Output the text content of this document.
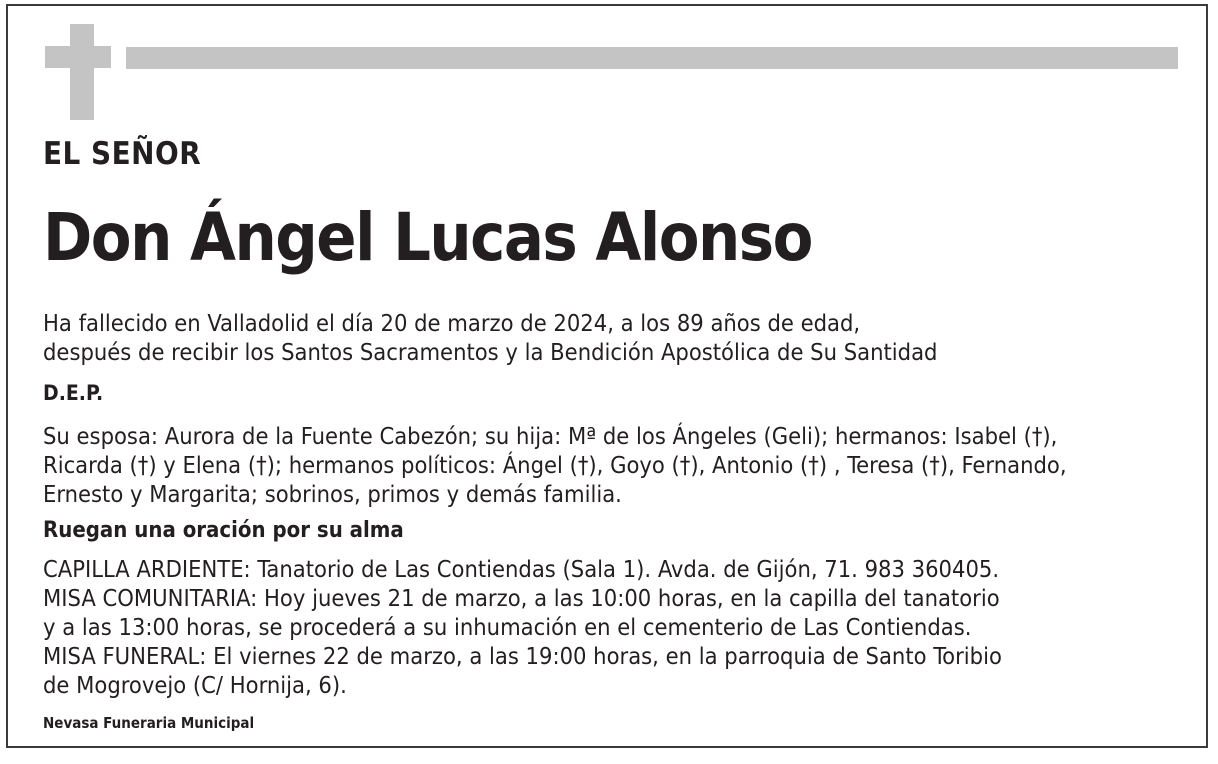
EL SEÑOR
Don Ángel Lucas Alonso
Ha fallecido en Valladolid el día 20 de marzo de 2024, a los 89 años de edad,
después de recibir los Santos Sacramentos y la Bendición Apostólica de Su Santidad
D.E.P.
Su esposa: Aurora de la Fuente Cabezón; su hija: Mª de los Ángeles (Geli); hermanos: Isabel (†),
Ricarda (†) y Elena (†); hermanos políticos: Ángel (†), Goyo (†), Antonio (†) , Teresa (†), Fernando,
Ernesto y Margarita; sobrinos, primos y demás familia.
Ruegan una oración por su alma
CAPILLA ARDIENTE: Tanatorio de Las Contiendas (Sala 1). Avda. de Gijón, 71. 983 360405.
MISA COMUNITARIA: Hoy jueves 21 de marzo, a las 10:00 horas, en la capilla del tanatorio
y a las 13:00 horas, se procederá a su inhumación en el cementerio de Las Contiendas.
MISA FUNERAL: El viernes 22 de marzo, a las 19:00 horas, en la parroquia de Santo Toribio
de Mogrovejo (C/ Hornija, 6).
Nevasa Funeraria Municipal
